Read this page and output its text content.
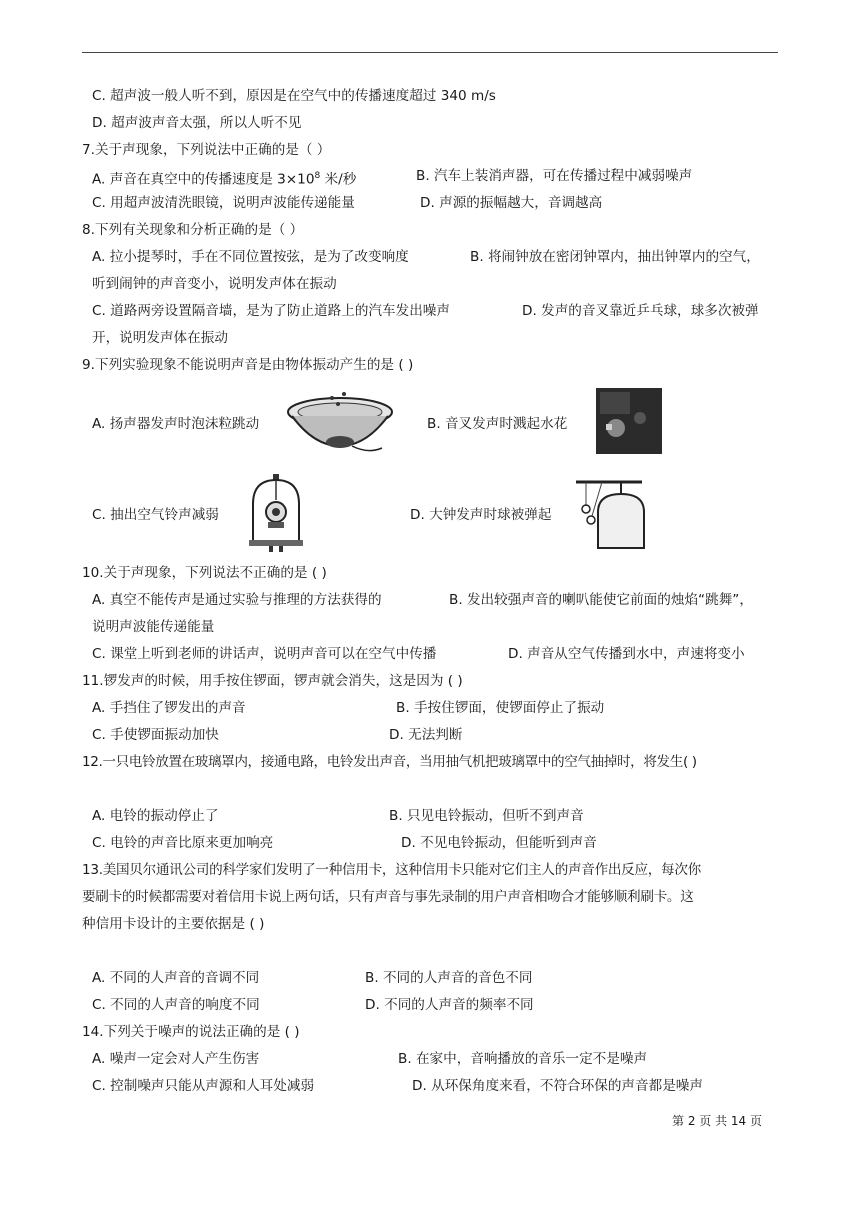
C. 超声波一般人听不到，原因是在空气中的传播速度超过 340 m/s
D. 超声波声音太强，所以人听不见
7.关于声现象，下列说法中正确的是（ ）
A. 声音在真空中的传播速度是 $3\times 10^8$ 米/秒	B. 汽车上装消声器，可在传播过程中减弱噪声
C. 用超声波清洗眼镜，说明声波能传递能量	D. 声源的振幅越大，音调越高
8.下列有关现象和分析正确的是（ ）
A. 拉小提琴时，手在不同位置按弦，是为了改变响度	B. 将闹钟放在密闭钟罩内，抽出钟罩内的空气，
听到闹钟的声音变小，说明发声体在振动
C. 道路两旁设置隔音墙，是为了防止道路上的汽车发出噪声	D. 发声的音叉靠近乒乓球，球多次被弹
开，说明发声体在振动
9.下列实验现象不能说明声音是由物体振动产生的是 ( )
A. 扬声器发声时泡沫粒跳动	B. 音叉发声时溅起水花
C. 抽出空气铃声减弱	D. 大钟发声时球被弹起
10.关于声现象，下列说法不正确的是 ( )
A. 真空不能传声是通过实验与推理的方法获得的	B. 发出较强声音的喇叭能使它前面的烛焰“跳舞”，
说明声波能传递能量
C. 课堂上听到老师的讲话声，说明声音可以在空气中传播	D. 声音从空气传播到水中，声速将变小
11.锣发声的时候，用手按住锣面，锣声就会消失，这是因为 ( )
A. 手挡住了锣发出的声音	B. 手按住锣面，使锣面停止了振动
C. 手使锣面振动加快	D. 无法判断
12.一只电铃放置在玻璃罩内，接通电路，电铃发出声音，当用抽气机把玻璃罩中的空气抽掉时，将发生( )
A. 电铃的振动停止了	B. 只见电铃振动，但听不到声音
C. 电铃的声音比原来更加响亮	D. 不见电铃振动，但能听到声音
13.美国贝尔通讯公司的科学家们发明了一种信用卡，这种信用卡只能对它们主人的声音作出反应，每次你
要刷卡的时候都需要对着信用卡说上两句话，只有声音与事先录制的用户声音相吻合才能够顺利刷卡。这
种信用卡设计的主要依据是 ( )
A. 不同的人声音的音调不同	B. 不同的人声音的音色不同
C. 不同的人声音的响度不同	D. 不同的人声音的频率不同
14.下列关于噪声的说法正确的是 ( )
A. 噪声一定会对人产生伤害	B. 在家中，音响播放的音乐一定不是噪声
C. 控制噪声只能从声源和人耳处减弱	D. 从环保角度来看，不符合环保的声音都是噪声
第 2 页 共 14 页
